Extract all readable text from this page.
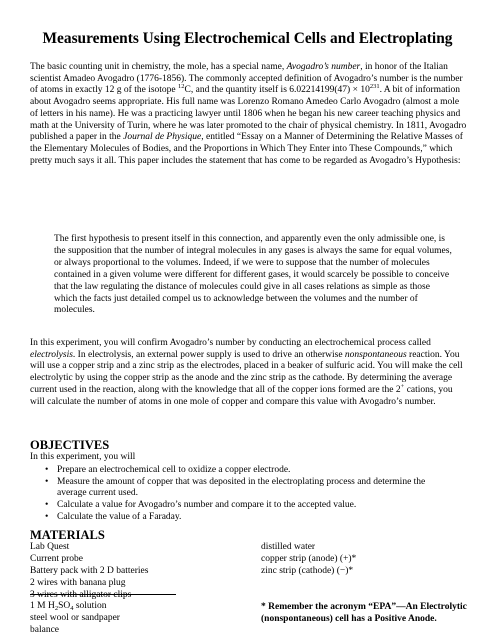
Measurements Using Electrochemical Cells and Electroplating

The basic counting unit in chemistry, the mole, has a special name, Avogadro’s number, in honor of the Italian scientist Amadeo Avogadro (1776-1856). The commonly accepted definition of Avogadro’s number is the number of atoms in exactly 12 g of the isotope $^{12}$C, and the quantity itself is $6.02214199(47) \times 10^{231}$. A bit of information about Avogadro seems appropriate. His full name was Lorenzo Romano Amedeo Carlo Avogadro (almost a mole of letters in his name). He was a practicing lawyer until 1806 when he began his new career teaching physics and math at the University of Turin, where he was later promoted to the chair of physical chemistry. In 1811, Avogadro published a paper in the Journal de Physique, entitled “Essay on a Manner of Determining the Relative Masses of the Elementary Molecules of Bodies, and the Proportions in Which They Enter into These Compounds,” which pretty much says it all. This paper includes the statement that has come to be regarded as Avogadro’s Hypothesis:

The first hypothesis to present itself in this connection, and apparently even the only admissible one, is the supposition that the number of integral molecules in any gases is always the same for equal volumes, or always proportional to the volumes. Indeed, if we were to suppose that the number of molecules contained in a given volume were different for different gases, it would scarcely be possible to conceive that the law regulating the distance of molecules could give in all cases relations as simple as those which the facts just detailed compel us to acknowledge between the volumes and the number of molecules.

In this experiment, you will confirm Avogadro’s number by conducting an electrochemical process called electrolysis. In electrolysis, an external power supply is used to drive an otherwise nonspontaneous reaction. You will use a copper strip and a zinc strip as the electrodes, placed in a beaker of sulfuric acid. You will make the cell electrolytic by using the copper strip as the anode and the zinc strip as the cathode. By determining the average current used in the reaction, along with the knowledge that all of the copper ions formed are the 2+ cations, you will calculate the number of atoms in one mole of copper and compare this value with Avogadro’s number.

OBJECTIVES
In this experiment, you will
• Prepare an electrochemical cell to oxidize a copper electrode.
• Measure the amount of copper that was deposited in the electroplating process and determine the average current used.
• Calculate a value for Avogadro’s number and compare it to the accepted value.
• Calculate the value of a Faraday.
MATERIALS
Lab Quest
Current probe
Battery pack with 2 D batteries
2 wires with banana plug
3 wires with alligator clips
1 M $H_2SO_4$ solution
steel wool or sandpaper
balance
distilled water
copper strip (anode) (+)*
zinc strip (cathode) (−)*
* Remember the acronym “EPA”—An Electrolytic (nonspontaneous) cell has a Positive Anode.
